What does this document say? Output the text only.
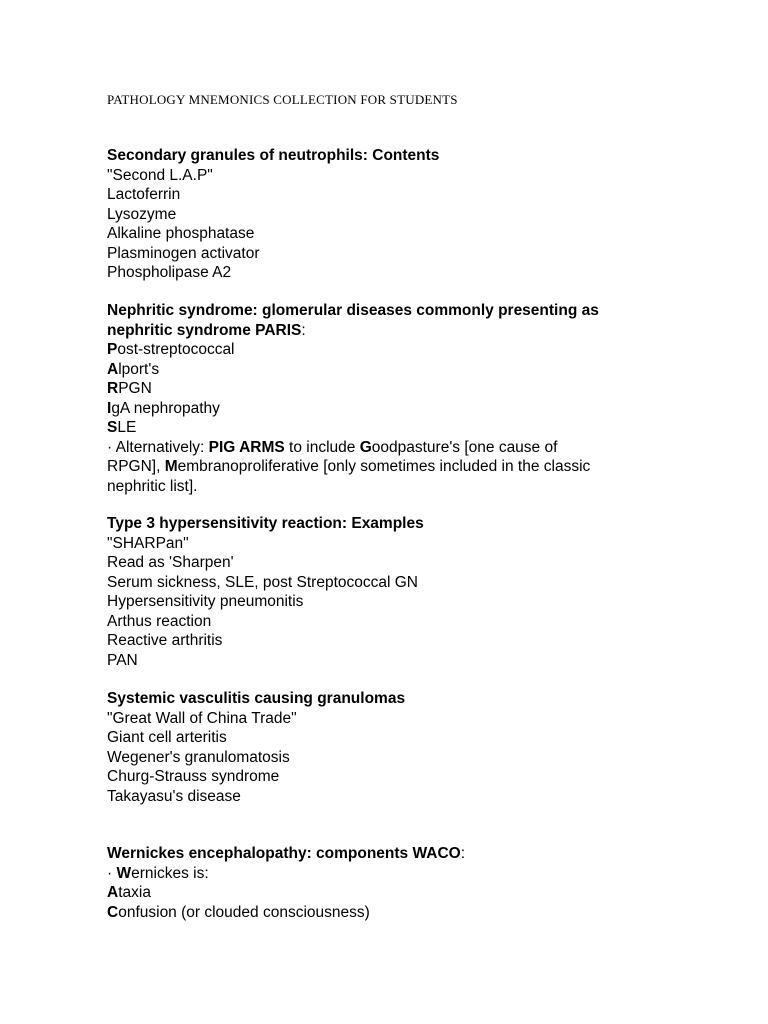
PATHOLOGY MNEMONICS COLLECTION FOR STUDENTS
Secondary granules of neutrophils: Contents
"Second L.A.P"
Lactoferrin
Lysozyme
Alkaline phosphatase
Plasminogen activator
Phospholipase A2
Nephritic syndrome: glomerular diseases commonly presenting as
nephritic syndrome PARIS:
Post-streptococcal
Alport's
RPGN
IgA nephropathy
SLE
· Alternatively: PIG ARMS to include Goodpasture's [one cause of
RPGN], Membranoproliferative [only sometimes included in the classic
nephritic list].
Type 3 hypersensitivity reaction: Examples
"SHARPan"
Read as 'Sharpen'
Serum sickness, SLE, post Streptococcal GN
Hypersensitivity pneumonitis
Arthus reaction
Reactive arthritis
PAN
Systemic vasculitis causing granulomas
"Great Wall of China Trade"
Giant cell arteritis
Wegener's granulomatosis
Churg-Strauss syndrome
Takayasu's disease
Wernickes encephalopathy: components WACO:
· Wernickes is:
Ataxia
Confusion (or clouded consciousness)
